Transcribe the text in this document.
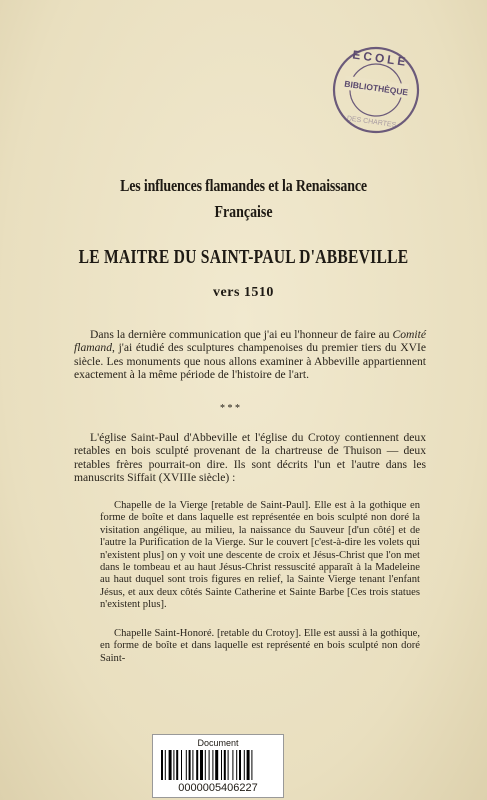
ECOLE
BIBLIOTHÈQUE
DES CHARTES
Les influences flamandes et la Renaissance
Française
LE MAITRE DU SAINT-PAUL D'ABBEVILLE
vers 1510
Dans la dernière communication que j'ai eu l'honneur de faire au Comité flamand, j'ai étudié des sculptures champenoises du premier tiers du XVIe siècle. Les monuments que nous allons examiner à Abbeville appartiennent exactement à la même période de l'histoire de l'art.
* * *
L'église Saint-Paul d'Abbeville et l'église du Crotoy contiennent deux retables en bois sculpté provenant de la chartreuse de Thuison — deux retables frères pourrait-on dire. Ils sont décrits l'un et l'autre dans les manuscrits Siffait (XVIIIe siècle) :
Chapelle de la Vierge [retable de Saint-Paul]. Elle est à la gothique en forme de boîte et dans laquelle est représentée en bois sculpté non doré la visitation angélique, au milieu, la naissance du Sauveur [d'un côté] et de l'autre la Purification de la Vierge. Sur le couvert [c'est-à-dire les volets qui n'existent plus] on y voit une descente de croix et Jésus-Christ que l'on met dans le tombeau et au haut Jésus-Christ ressuscité apparaît à la Madeleine au haut duquel sont trois figures en relief, la Sainte Vierge tenant l'enfant Jésus, et aux deux côtés Sainte Catherine et Sainte Barbe [Ces trois statues n'existent plus].
Chapelle Saint-Honoré. [retable du Crotoy]. Elle est aussi à la gothique, en forme de boîte et dans laquelle est représenté en bois sculpté non doré Saint-
Document
0000005406227
